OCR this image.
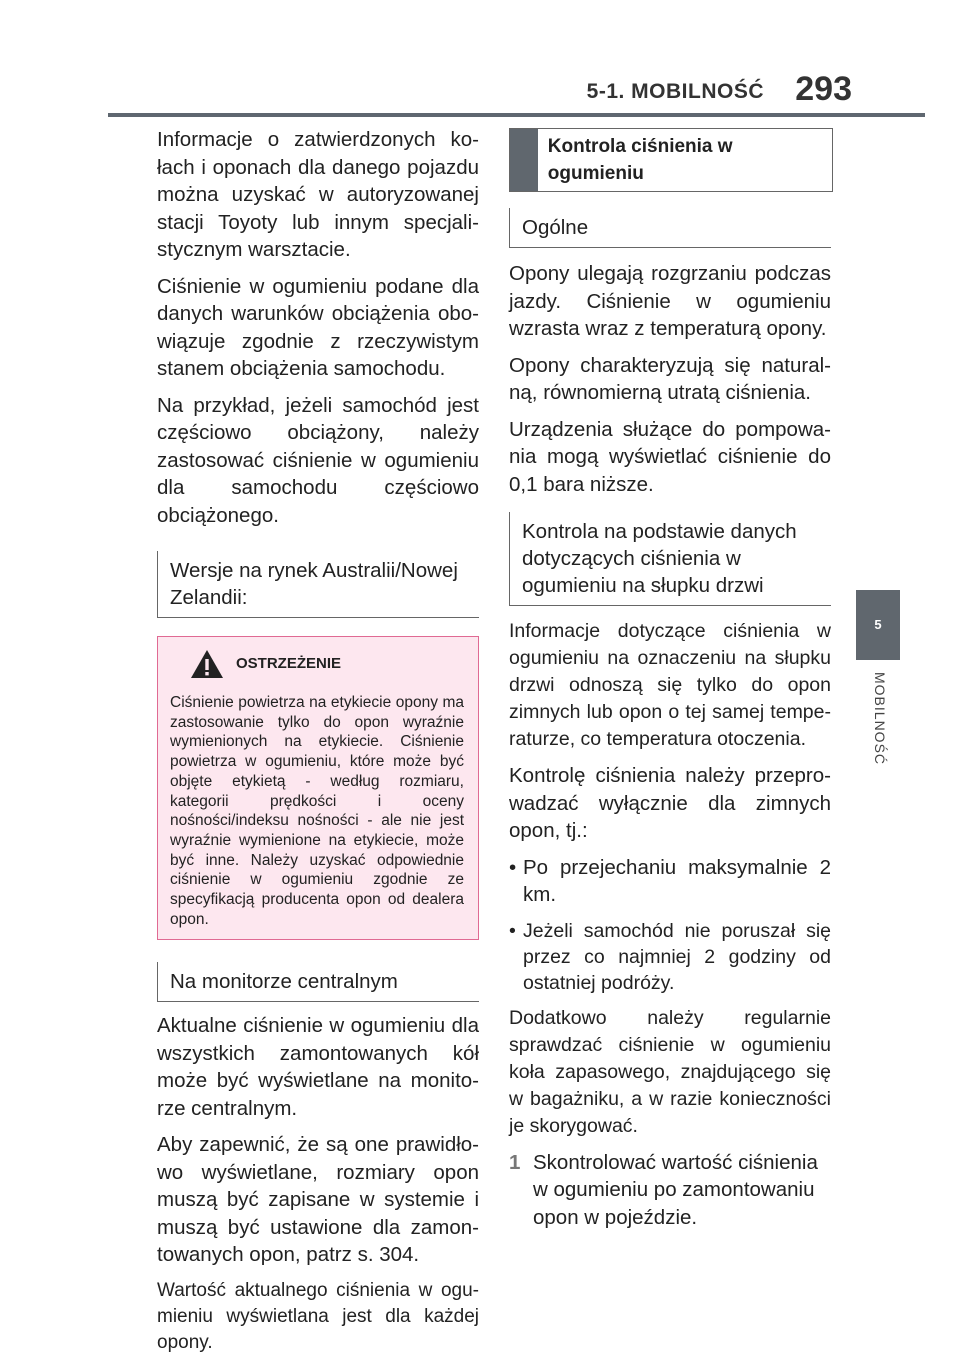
5-1. MOBILNOŚĆ 293
5
MOBILNOŚĆ

Informacje o zatwierdzonych kołach i oponach dla danego pojazdu można uzyskać w autoryzowanej stacji Toyoty lub innym specjalistycznym warsztacie.

Ciśnienie w ogumieniu podane dla danych warunków obciążenia obowiązuje zgodnie z rzeczywistym stanem obciążenia samochodu.

Na przykład, jeżeli samochód jest częściowo obciążony, należy zastosować ciśnienie w ogumieniu dla samochodu częściowo obciążonego.

Wersje na rynek Australii/Nowej Zelandii:
OSTRZEŻENIE
Ciśnienie powietrza na etykiecie opony ma zastosowanie tylko do opon wyraźnie wymienionych na etykiecie. Ciśnienie powietrza w ogumieniu, które może być objęte etykietą - według rozmiaru, kategorii prędkości i oceny nośności/indeksu nośności - ale nie jest wyraźnie wymienione na etykiecie, może być inne. Należy uzyskać odpowiednie ciśnienie w ogumieniu zgodnie ze specyfikacją producenta opon od dealera opon.
Na monitorze centralnym

Aktualne ciśnienie w ogumieniu dla wszystkich zamontowanych kół może być wyświetlane na monitorze centralnym.

Aby zapewnić, że są one prawidłowo wyświetlane, rozmiary opon muszą być zapisane w systemie i muszą być ustawione dla zamontowanych opon, patrz s. 304.

Wartość aktualnego ciśnienia w ogumieniu wyświetlana jest dla każdej opony.

Kontrola ciśnienia w ogumieniu
Ogólne

Opony ulegają rozgrzaniu podczas jazdy. Ciśnienie w ogumieniu wzrasta wraz z temperaturą opony.

Opony charakteryzują się naturalną, równomierną utratą ciśnienia.

Urządzenia służące do pompowania mogą wyświetlać ciśnienie do 0,1 bara niższe.

Kontrola na podstawie danych dotyczących ciśnienia w ogumieniu na słupku drzwi

Informacje dotyczące ciśnienia w ogumieniu na oznaczeniu na słupku drzwi odnoszą się tylko do opon zimnych lub opon o tej samej temperaturze, co temperatura otoczenia.

Kontrolę ciśnienia należy przeprowadzać wyłącznie dla zimnych opon, tj.:

• Po przejechaniu maksymalnie 2 km.
• Jeżeli samochód nie poruszał się przez co najmniej 2 godziny od ostatniej podróży.

Dodatkowo należy regularnie sprawdzać ciśnienie w ogumieniu koła zapasowego, znajdującego się w bagażniku, a w razie konieczności je skorygować.

1 Skontrolować wartość ciśnienia w ogumieniu po zamontowaniu opon w pojeździe.
